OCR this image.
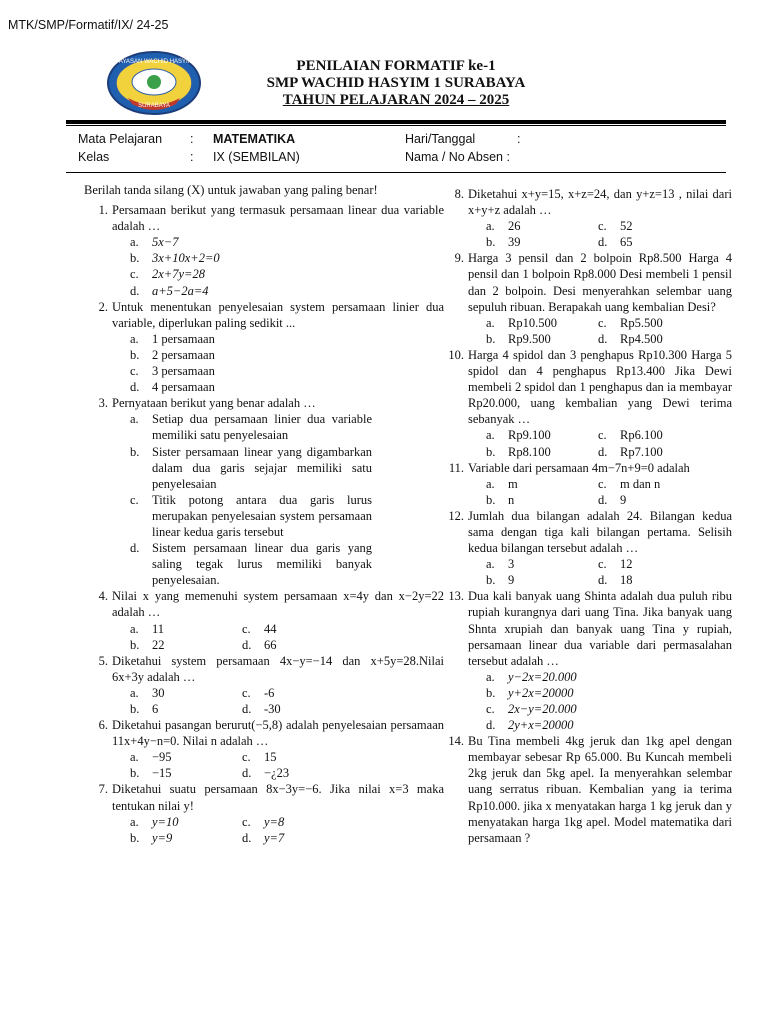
MTK/SMP/Formatif/IX/ 24-25
YAYASAN WACHID HASYIM
SURABAYA
PENILAIAN FORMATIF ke-1
SMP WACHID HASYIM 1 SURABAYA
TAHUN PELAJARAN 2024 – 2025
Mata Pelajaran : MATEMATIKA	Hari/Tanggal	:
Kelas	: IX (SEMBILAN)	Nama / No Absen :
Berilah tanda silang (X) untuk jawaban yang paling benar!
1. Persamaan berikut yang termasuk persamaan linear dua variable adalah …
a.	5x−7
b.	3x+10x+2=0
c.	2x+7y=28
d.	a+5−2a=4
2. Untuk menentukan penyelesaian system persamaan linier dua variable, diperlukan paling sedikit ...
a.	1 persamaan
b.	2 persamaan
c.	3 persamaan
d.	4 persamaan
3. Pernyataan berikut yang benar adalah …
a.	Setiap dua persamaan linier dua variable memiliki satu penyelesaian
b.	Sister persamaan linear yang digambarkan dalam dua garis sejajar memiliki satu penyelesaian
c.	Titik potong antara dua garis lurus merupakan penyelesaian system persamaan linear kedua garis tersebut
d.	Sistem persamaan linear dua garis yang saling tegak lurus memiliki banyak penyelesaian.
4. Nilai x yang memenuhi system persamaan x=4y dan x−2y=22 adalah …
a.	11	c.	44
b.	22	d.	66
5. Diketahui system persamaan 4x−y=−14 dan x+5y=28.Nilai 6x+3y adalah …
a.	30	c.	-6
b.	6	d.	-30
6. Diketahui pasangan berurut(−5,8) adalah penyelesaian persamaan 11x+4y−n=0. Nilai n adalah …
a.	−95	c.	15
b.	−15	d.	−¿23
7. Diketahui suatu persamaan 8x−3y=−6. Jika nilai x=3 maka tentukan nilai y!
a.	y=10	c.	y=8
b.	y=9	d.	y=7
8. Diketahui x+y=15, x+z=24, dan y+z=13 , nilai dari x+y+z adalah …
a.	26	c.	52
b.	39	d.	65
9. Harga 3 pensil dan 2 bolpoin Rp8.500 Harga 4 pensil dan 1 bolpoin Rp8.000 Desi membeli 1 pensil dan 2 bolpoin. Desi menyerahkan selembar uang sepuluh ribuan. Berapakah uang kembalian Desi?
a.	Rp10.500	c.	Rp5.500
b.	Rp9.500	d.	Rp4.500
10. Harga 4 spidol dan 3 penghapus Rp10.300 Harga 5 spidol dan 4 penghapus Rp13.400 Jika Dewi membeli 2 spidol dan 1 penghapus dan ia membayar Rp20.000, uang kembalian yang Dewi terima sebanyak …
a.	Rp9.100	c.	Rp6.100
b.	Rp8.100	d.	Rp7.100
11. Variable dari persamaan 4m−7n+9=0 adalah
a.	m	c.	m dan n
b.	n	d.	9
12. Jumlah dua bilangan adalah 24. Bilangan kedua sama dengan tiga kali bilangan pertama. Selisih kedua bilangan tersebut adalah …
a.	3	c.	12
b.	9	d.	18
13. Dua kali banyak uang Shinta adalah dua puluh ribu rupiah kurangnya dari uang Tina. Jika banyak uang Shnta xrupiah dan banyak uang Tina y rupiah, persamaan linear dua variable dari permasalahan tersebut adalah …
a.	y−2x=20.000
b.	y+2x=20000
c.	2x−y=20.000
d.	2y+x=20000
14. Bu Tina membeli 4kg jeruk dan 1kg apel dengan membayar sebesar Rp 65.000. Bu Kuncah membeli 2kg jeruk dan 5kg apel. Ia menyerahkan selembar uang serratus ribuan. Kembalian yang ia terima Rp10.000. jika x menyatakan harga 1 kg jeruk dan y menyatakan harga 1kg apel. Model matematika dari persamaan ?
